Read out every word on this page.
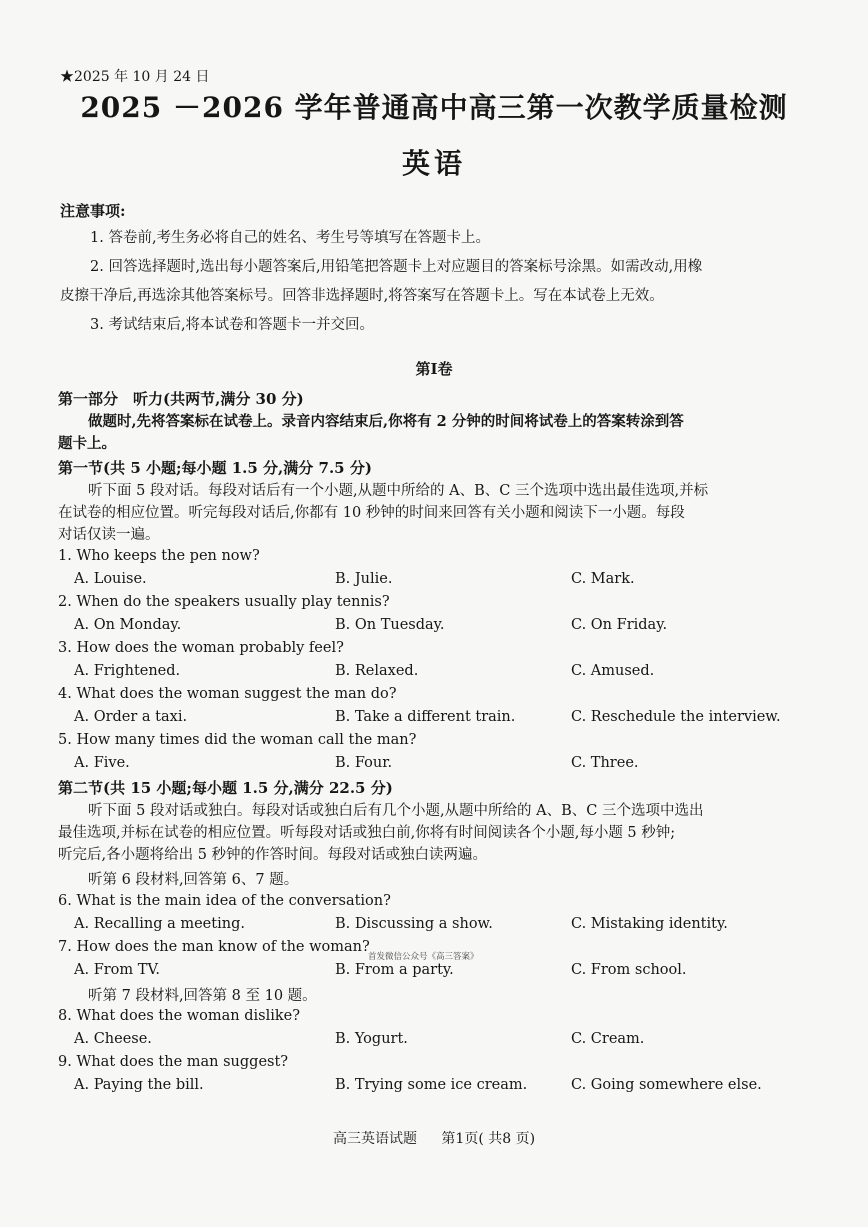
★2025 年 10 月 24 日
2025 －2026 学年普通高中高三第一次教学质量检测
英语
注意事项:
1. 答卷前,考生务必将自己的姓名、考生号等填写在答题卡上。
2. 回答选择题时,选出每小题答案后,用铅笔把答题卡上对应题目的答案标号涂黑。如需改动,用橡
皮擦干净后,再选涂其他答案标号。回答非选择题时,将答案写在答题卡上。写在本试卷上无效。
3. 考试结束后,将本试卷和答题卡一并交回。
第Ⅰ卷
第一部分　听力(共两节,满分 30 分)
做题时,先将答案标在试卷上。录音内容结束后,你将有 2 分钟的时间将试卷上的答案转涂到答
题卡上。
第一节(共 5 小题;每小题 1.5 分,满分 7.5 分)
听下面 5 段对话。每段对话后有一个小题,从题中所给的 A、B、C 三个选项中选出最佳选项,并标
在试卷的相应位置。听完每段对话后,你都有 10 秒钟的时间来回答有关小题和阅读下一小题。每段
对话仅读一遍。
1. Who keeps the pen now?
A. Louise.	B. Julie.	C. Mark.
2. When do the speakers usually play tennis?
A. On Monday.	B. On Tuesday.	C. On Friday.
3. How does the woman probably feel?
A. Frightened.	B. Relaxed.	C. Amused.
4. What does the woman suggest the man do?
A. Order a taxi.	B. Take a different train.	C. Reschedule the interview.
5. How many times did the woman call the man?
A. Five.	B. Four.	C. Three.
第二节(共 15 小题;每小题 1.5 分,满分 22.5 分)
听下面 5 段对话或独白。每段对话或独白后有几个小题,从题中所给的 A、B、C 三个选项中选出
最佳选项,并标在试卷的相应位置。听每段对话或独白前,你将有时间阅读各个小题,每小题 5 秒钟;
听完后,各小题将给出 5 秒钟的作答时间。每段对话或独白读两遍。
听第 6 段材料,回答第 6、7 题。
6. What is the main idea of the conversation?
A. Recalling a meeting.	B. Discussing a show.	C. Mistaking identity.
7. How does the man know of the woman?
首发微信公众号《高三答案》
A. From TV.	B. From a party.	C. From school.
听第 7 段材料,回答第 8 至 10 题。
8. What does the woman dislike?
A. Cheese.	B. Yogurt.	C. Cream.
9. What does the man suggest?
A. Paying the bill.	B. Trying some ice cream.	C. Going somewhere else.
高三英语试题 第1页( 共8 页)
